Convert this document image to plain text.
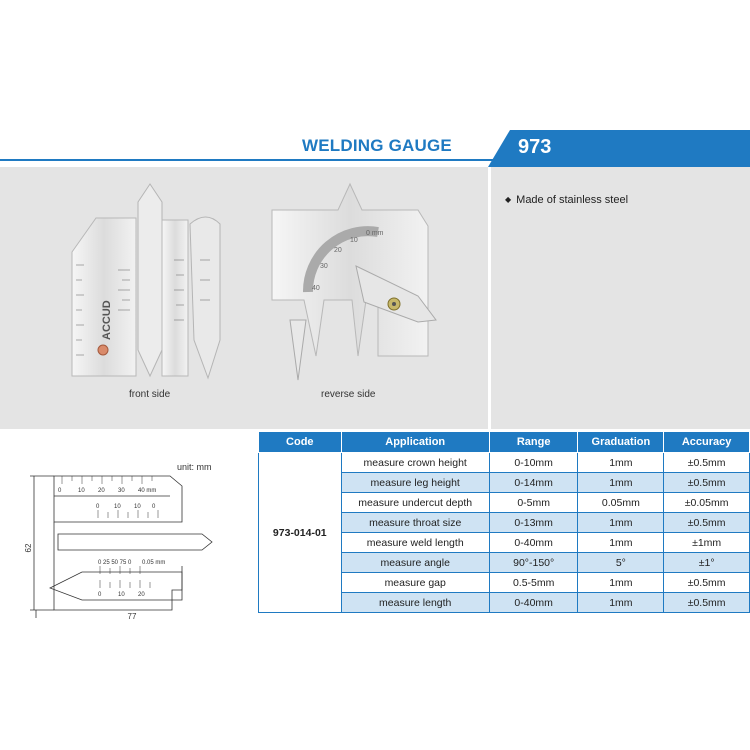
WELDING GAUGE	973
◆ Made of stainless steel
ACCUD
front side
40
30
20
10
0 mm
reverse side
unit: mm
0	10 20 30 40 mm
0 10 10 0
0 25 50 75 0 0.05 mm
0	10 20
62
77
Code	Application	Range	Graduation	Accuracy
973-014-01	measure crown height	0-10mm	1mm	±0.5mm
	measure leg height	0-14mm	1mm	±0.5mm
	measure undercut depth	0-5mm	0.05mm	±0.05mm
	measure throat size	0-13mm	1mm	±0.5mm
	measure weld length	0-40mm	1mm	±1mm
	measure angle	90°-150°	5°	±1°
	measure gap	0.5-5mm	1mm	±0.5mm
	measure length	0-40mm	1mm	±0.5mm
